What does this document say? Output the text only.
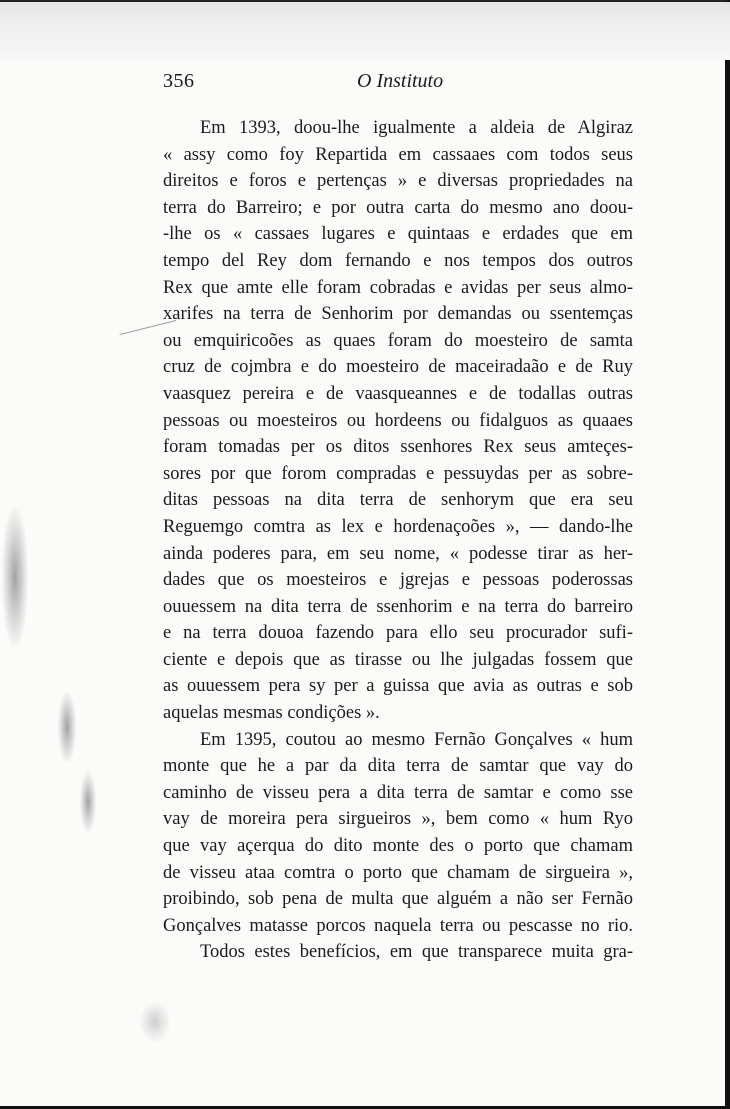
356	O Instituto
Em 1393, doou-lhe igualmente a aldeia de Algiraz
« assy como foy Repartida em cassaaes com todos seus
direitos e foros e pertenças » e diversas propriedades na
terra do Barreiro; e por outra carta do mesmo ano doou-
-lhe os « cassaes lugares e quintaas e erdades que em
tempo del Rey dom fernando e nos tempos dos outros
Rex que amte elle foram cobradas e avidas per seus almo-
xarifes na terra de Senhorim por demandas ou ssentemças
ou emquiricoões as quaes foram do moesteiro de samta
cruz de cojmbra e do moesteiro de maceiradaão e de Ruy
vaasquez pereira e de vaasqueannes e de todallas outras
pessoas ou moesteiros ou hordeens ou fidalguos as quaaes
foram tomadas per os ditos ssenhores Rex seus amteçes-
sores por que forom compradas e pessuydas per as sobre-
ditas pessoas na dita terra de senhorym que era seu
Reguemgo comtra as lex e hordenaçoões », — dando-lhe
ainda poderes para, em seu nome, « podesse tirar as her-
dades que os moesteiros e jgrejas e pessoas poderossas
ouuessem na dita terra de ssenhorim e na terra do barreiro
e na terra douoa fazendo para ello seu procurador sufi-
ciente e depois que as tirasse ou lhe julgadas fossem que
as ouuessem pera sy per a guissa que avia as outras e sob
aquelas mesmas condições ».
Em 1395, coutou ao mesmo Fernão Gonçalves « hum
monte que he a par da dita terra de samtar que vay do
caminho de visseu pera a dita terra de samtar e como sse
vay de moreira pera sirgueiros », bem como « hum Ryo
que vay açerqua do dito monte des o porto que chamam
de visseu ataa comtra o porto que chamam de sirgueira »,
proibindo, sob pena de multa que alguém a não ser Fernão
Gonçalves matasse porcos naquela terra ou pescasse no rio.
Todos estes benefícios, em que transparece muita gra-
